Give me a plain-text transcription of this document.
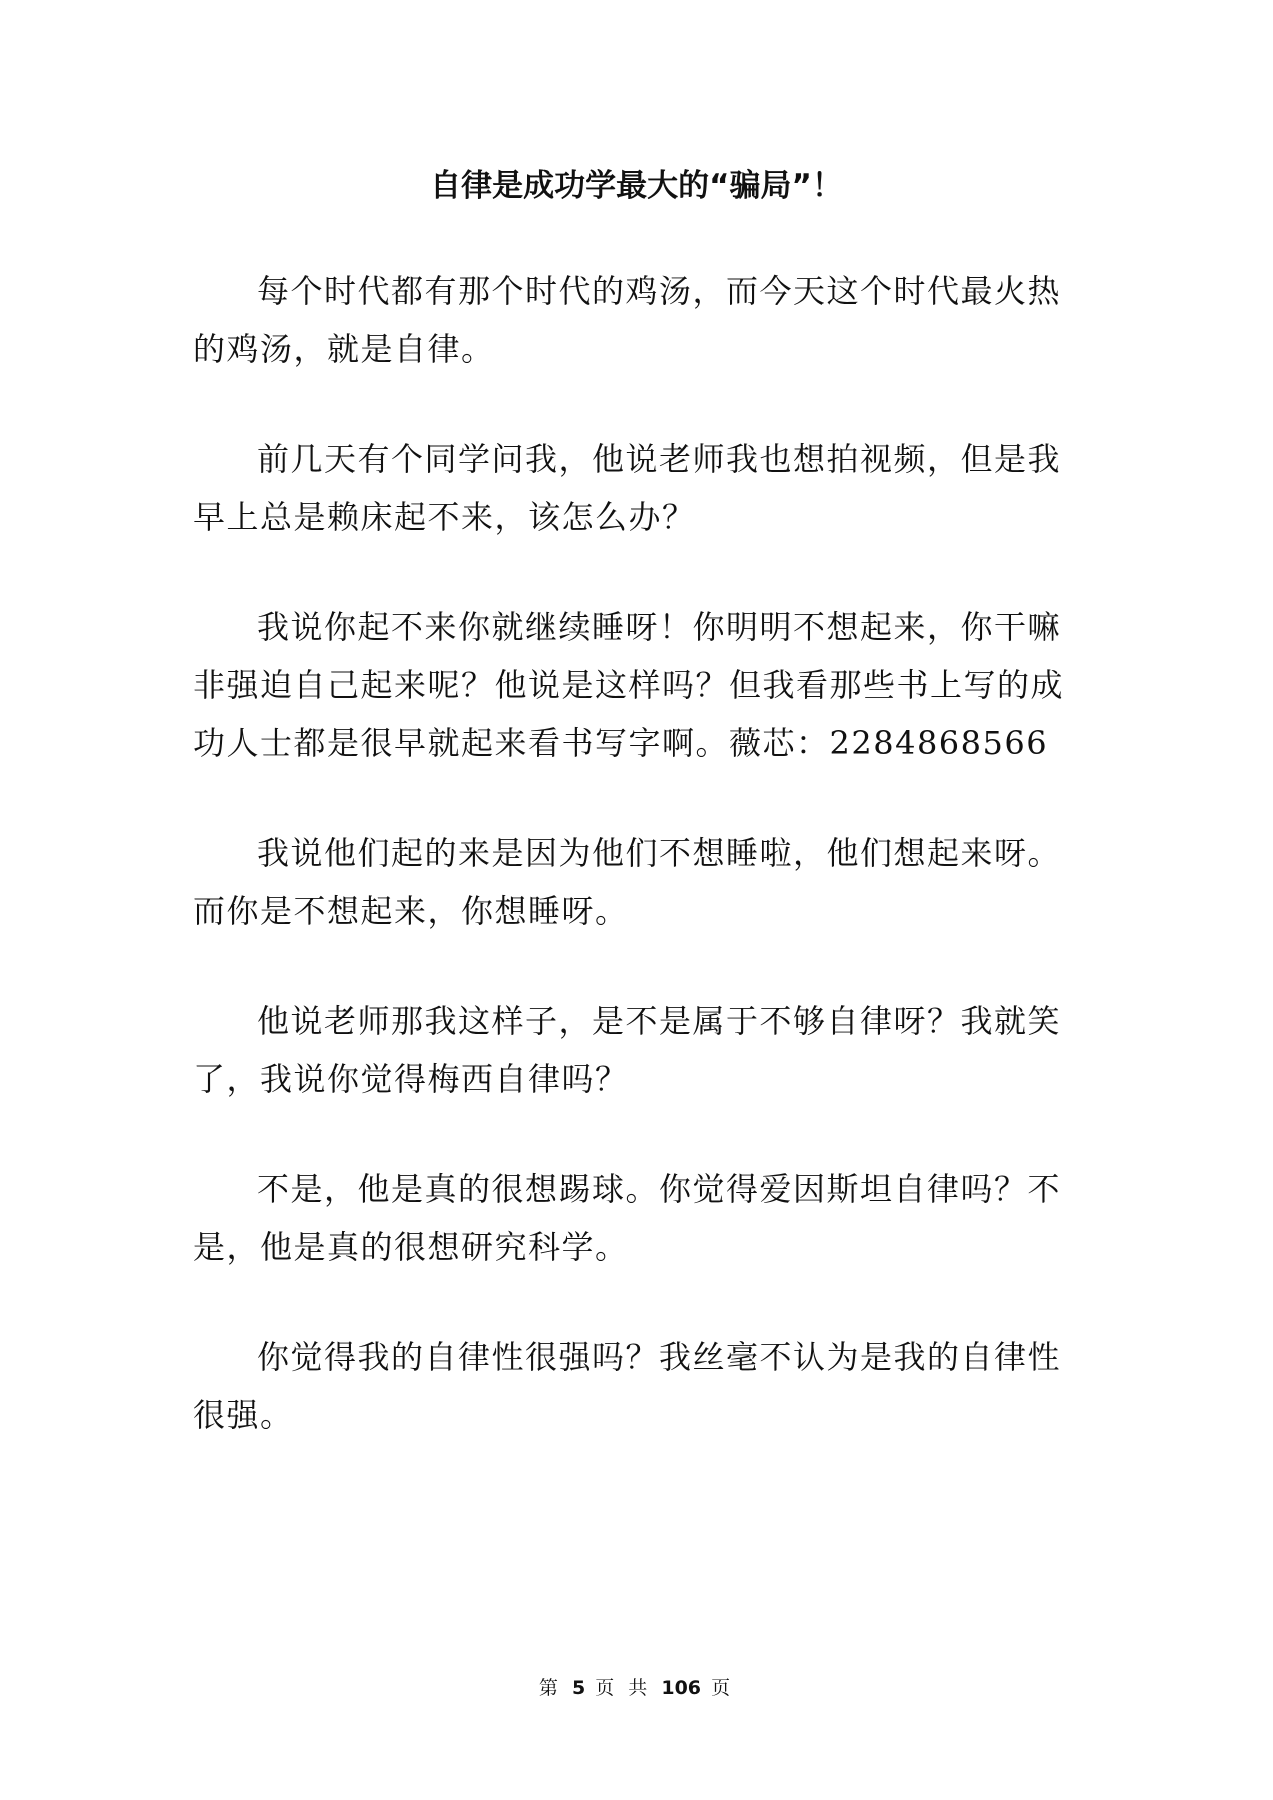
自律是成功学最大的“骗局”！

每个时代都有那个时代的鸡汤，而今天这个时代最火热的鸡汤，就是自律。

前几天有个同学问我，他说老师我也想拍视频，但是我早上总是赖床起不来，该怎么办？

我说你起不来你就继续睡呀！你明明不想起来，你干嘛非强迫自己起来呢？他说是这样吗？但我看那些书上写的成功人士都是很早就起来看书写字啊。薇芯：2284868566

我说他们起的来是因为他们不想睡啦，他们想起来呀。而你是不想起来，你想睡呀。

他说老师那我这样子，是不是属于不够自律呀？我就笑了，我说你觉得梅西自律吗？

不是，他是真的很想踢球。你觉得爱因斯坦自律吗？不是，他是真的很想研究科学。

你觉得我的自律性很强吗？我丝毫不认为是我的自律性很强。

第 5 页 共 106 页
